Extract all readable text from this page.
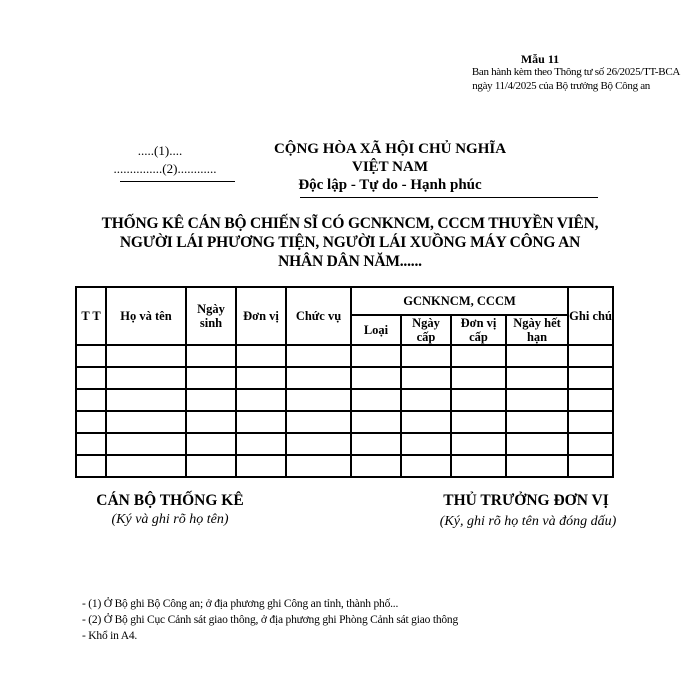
Mẫu 11
Ban hành kèm theo Thông tư số 26/2025/TT-BCA
ngày 11/4/2025 của Bộ trưởng Bộ Công an
.....(1)....
...............(2)............
CỘNG HÒA XÃ HỘI CHỦ NGHĨA
VIỆT NAM
Độc lập - Tự do - Hạnh phúc
THỐNG KÊ CÁN BỘ CHIẾN SĨ CÓ GCNKNCM, CCCM THUYỀN VIÊN,
NGƯỜI LÁI PHƯƠNG TIỆN, NGƯỜI LÁI XUỒNG MÁY CÔNG AN
NHÂN DÂN NĂM......
T T	Họ và tên	Ngày sinh	Đơn vị	Chức vụ	GCNKNCM, CCCM				Ghi chú
					Loại	Ngày cấp	Đơn vị cấp	Ngày hết hạn	

CÁN BỘ THỐNG KÊ
(Ký và ghi rõ họ tên)
THỦ TRƯỞNG ĐƠN VỊ
(Ký, ghi rõ họ tên và đóng dấu)
- (1) Ở Bộ ghi Bộ Công an; ở địa phương ghi Công an tỉnh, thành phố...
- (2) Ở Bộ ghi Cục Cảnh sát giao thông, ở địa phương ghi Phòng Cảnh sát giao thông
- Khổ in A4.
